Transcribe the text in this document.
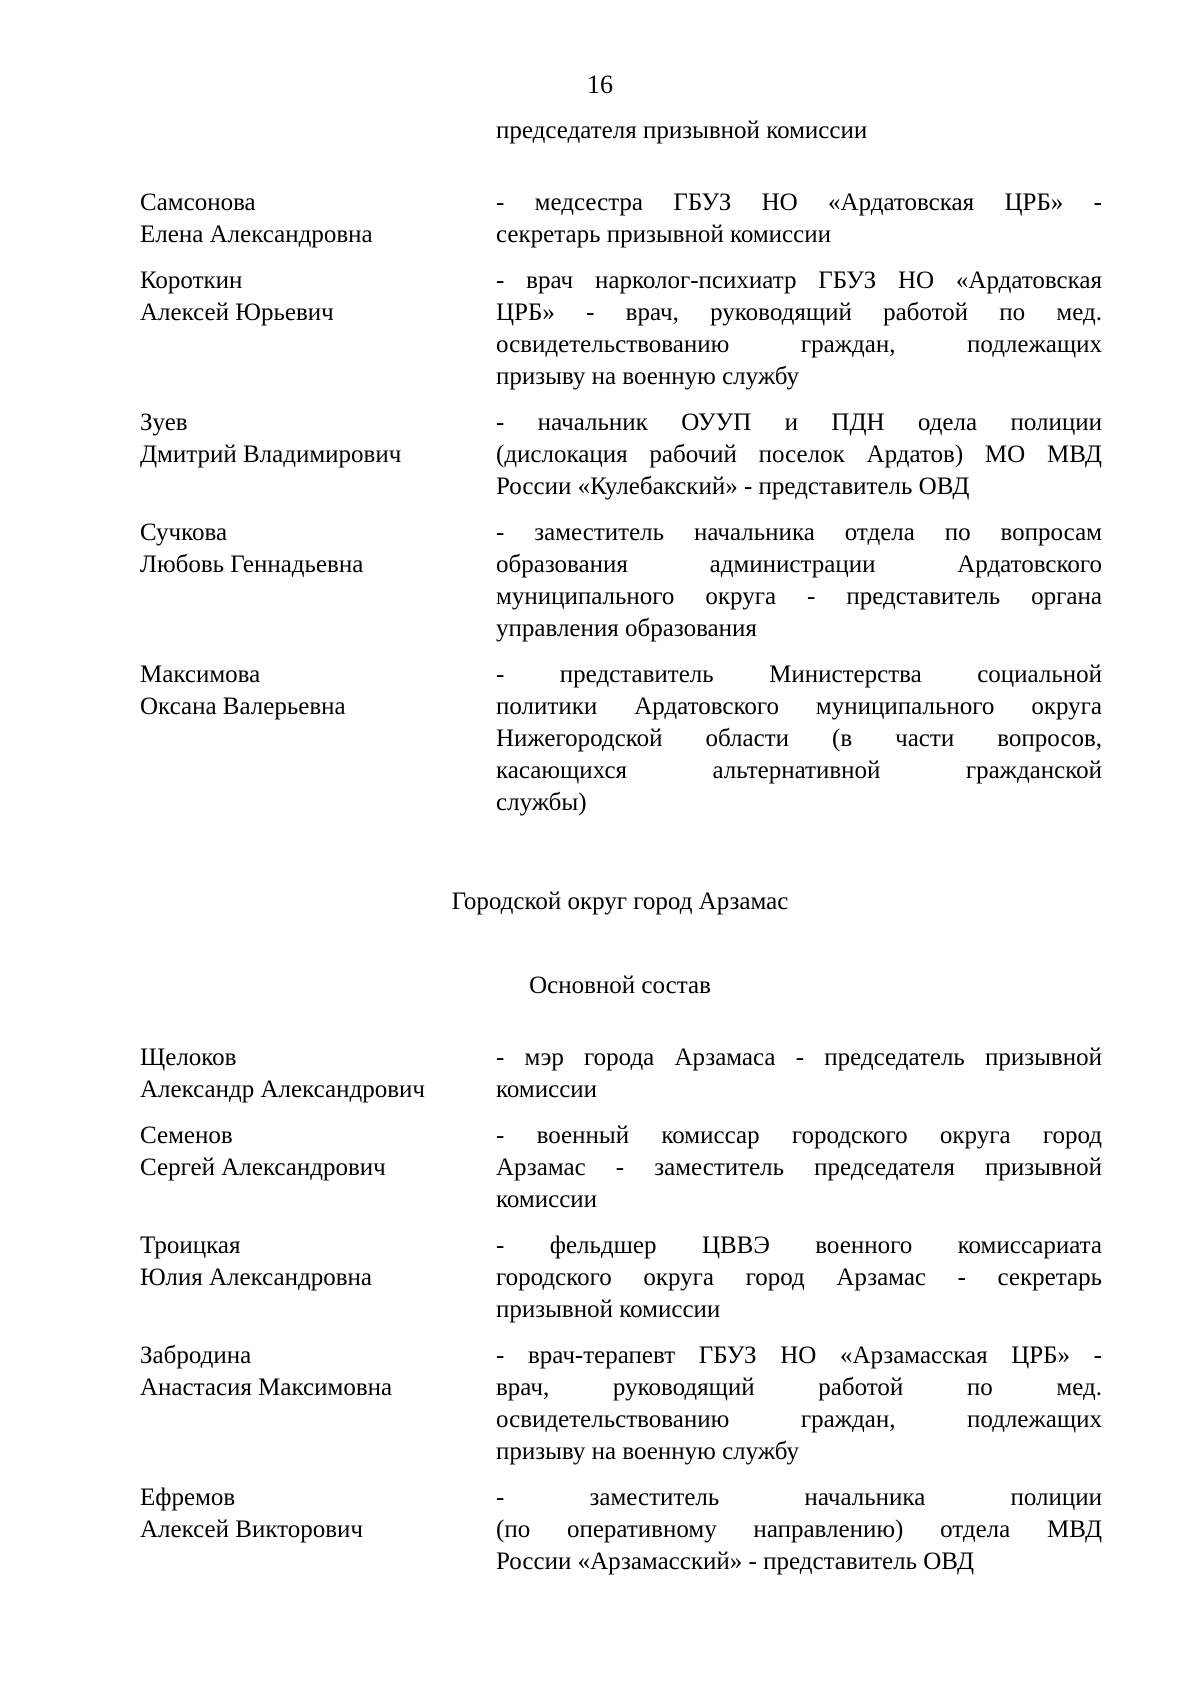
16
председателя призывной комиссии
Самсонова
Елена Александровна
- медсестра ГБУЗ НО «Ардатовская ЦРБ» -
секретарь призывной комиссии
Короткин
Алексей Юрьевич
- врач нарколог-психиатр ГБУЗ НО «Ардатовская
ЦРБ» - врач, руководящий работой по мед.
освидетельствованию граждан, подлежащих
призыву на военную службу
Зуев
Дмитрий Владимирович
- начальник ОУУП и ПДН одела полиции
(дислокация рабочий поселок Ардатов) МО МВД
России «Кулебакский» - представитель ОВД
Сучкова
Любовь Геннадьевна
- заместитель начальника отдела по вопросам
образования администрации Ардатовского
муниципального округа - представитель органа
управления образования
Максимова
Оксана Валерьевна
- представитель Министерства социальной
политики Ардатовского муниципального округа
Нижегородской области (в части вопросов,
касающихся альтернативной гражданской
службы)
Городской округ город Арзамас
Основной состав
Щелоков
Александр Александрович
- мэр города Арзамаса - председатель призывной
комиссии
Семенов
Сергей Александрович
- военный комиссар городского округа город
Арзамас - заместитель председателя призывной
комиссии
Троицкая
Юлия Александровна
- фельдшер ЦВВЭ военного комиссариата
городского округа город Арзамас - секретарь
призывной комиссии
Забродина
Анастасия Максимовна
- врач-терапевт ГБУЗ НО «Арзамасская ЦРБ» -
врач, руководящий работой по мед.
освидетельствованию граждан, подлежащих
призыву на военную службу
Ефремов
Алексей Викторович
- заместитель начальника полиции
(по оперативному направлению) отдела МВД
России «Арзамасский» - представитель ОВД
